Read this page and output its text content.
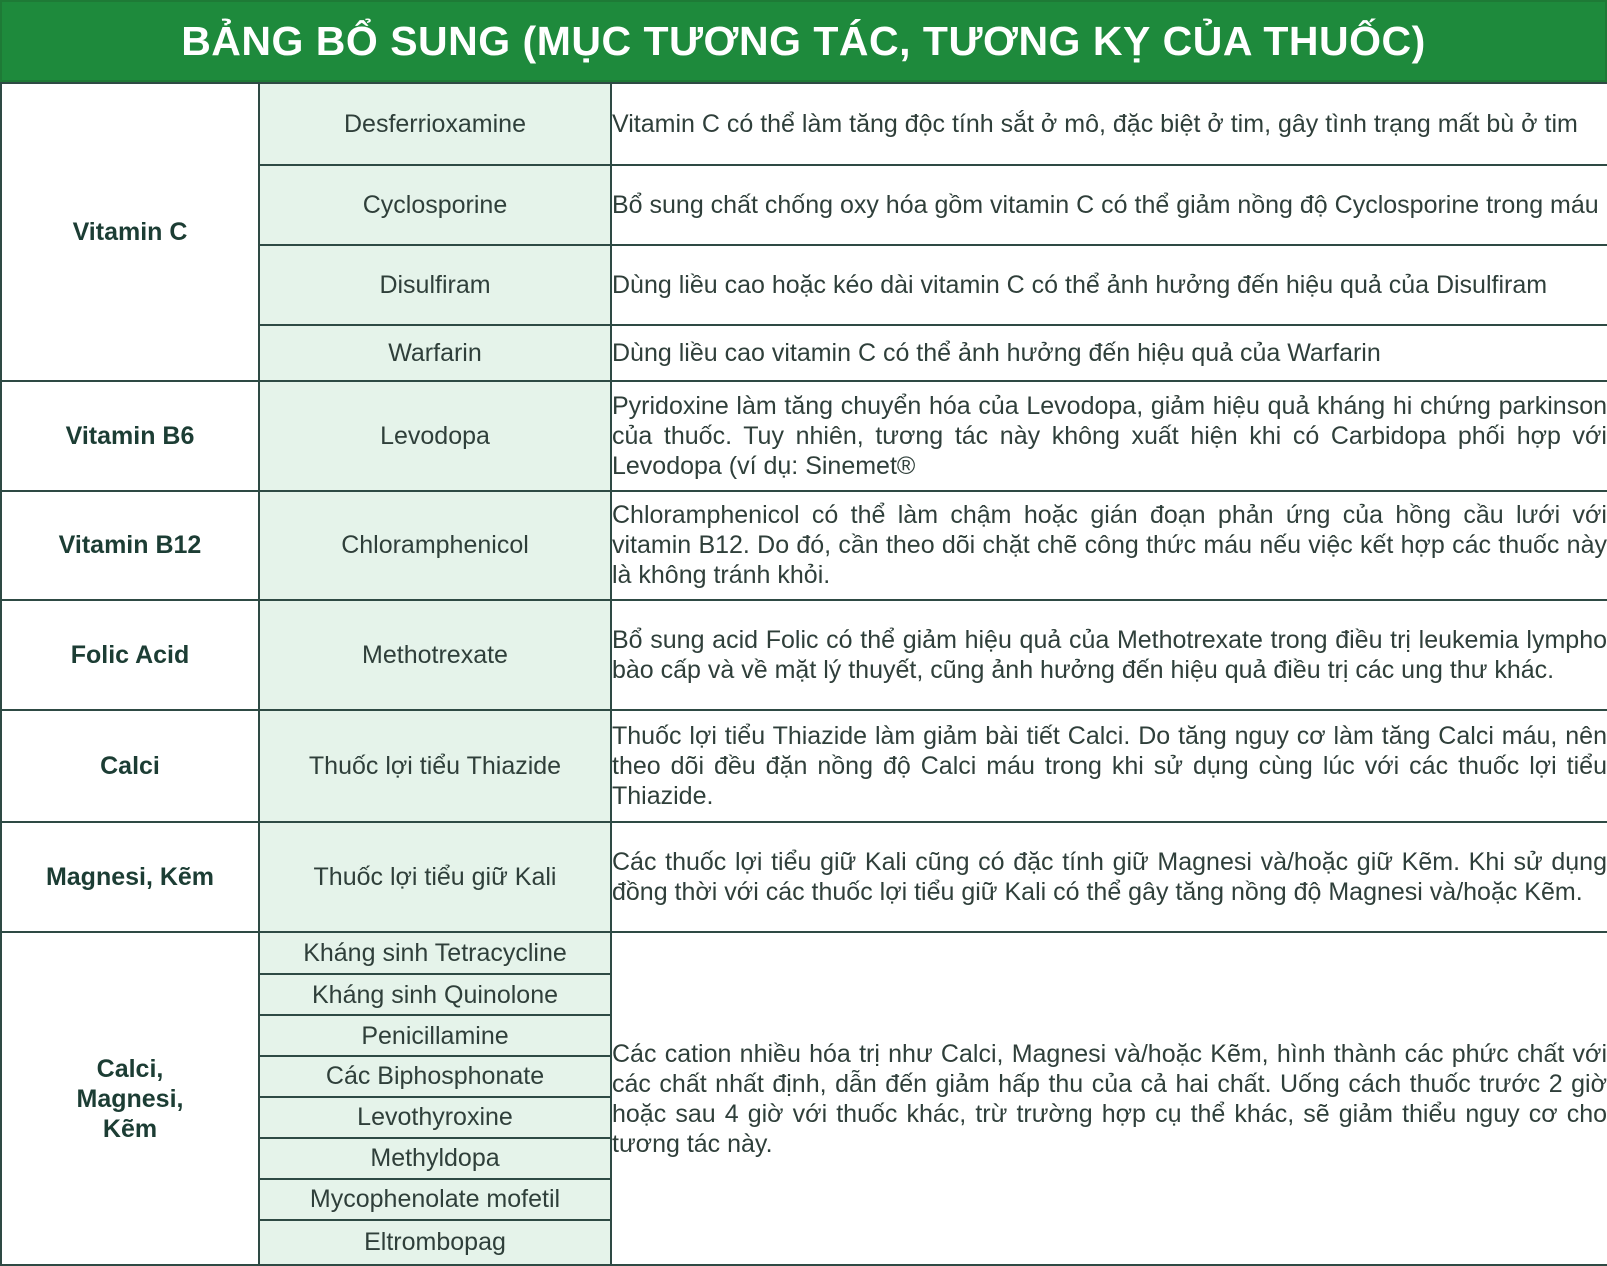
BẢNG BỔ SUNG (MỤC TƯƠNG TÁC, TƯƠNG KỴ CỦA THUỐC)
Vitamin C	Desferrioxamine	Vitamin C có thể làm tăng độc tính sắt ở mô, đặc biệt ở tim, gây tình trạng mất bù ở tim

	Cyclosporine	Bổ sung chất chống oxy hóa gồm vitamin C có thể giảm nồng độ Cyclosporine trong máu

	Disulfiram	Dùng liều cao hoặc kéo dài vitamin C có thể ảnh hưởng đến hiệu quả của Disulfiram

	Warfarin	Dùng liều cao vitamin C có thể ảnh hưởng đến hiệu quả của Warfarin

Vitamin B6	Levodopa	Pyridoxine làm tăng chuyển hóa của Levodopa, giảm hiệu quả kháng hi chứng parkinson của thuốc. Tuy nhiên, tương tác này không xuất hiện khi có Carbidopa phối hợp với Levodopa (ví dụ: Sinemet®

Vitamin B12	Chloramphenicol	Chloramphenicol có thể làm chậm hoặc gián đoạn phản ứng của hồng cầu lưới với vitamin B12. Do đó, cần theo dõi chặt chẽ công thức máu nếu việc kết hợp các thuốc này là không tránh khỏi.

Folic Acid	Methotrexate	Bổ sung acid Folic có thể giảm hiệu quả của Methotrexate trong điều trị leukemia lympho bào cấp và về mặt lý thuyết, cũng ảnh hưởng đến hiệu quả điều trị các ung thư khác.

Calci	Thuốc lợi tiểu Thiazide	Thuốc lợi tiểu Thiazide làm giảm bài tiết Calci. Do tăng nguy cơ làm tăng Calci máu, nên theo dõi đều đặn nồng độ Calci máu trong khi sử dụng cùng lúc với các thuốc lợi tiểu Thiazide.

Magnesi, Kẽm	Thuốc lợi tiểu giữ Kali	Các thuốc lợi tiểu giữ Kali cũng có đặc tính giữ Magnesi và/hoặc giữ Kẽm. Khi sử dụng đồng thời với các thuốc lợi tiểu giữ Kali có thể gây tăng nồng độ Magnesi và/hoặc Kẽm.

Calci, Magnesi, Kẽm	Kháng sinh Tetracycline	Các cation nhiều hóa trị như Calci, Magnesi và/hoặc Kẽm, hình thành các phức chất với các chất nhất định, dẫn đến giảm hấp thu của cả hai chất. Uống cách thuốc trước 2 giờ hoặc sau 4 giờ với thuốc khác, trừ trường hợp cụ thể khác, sẽ giảm thiểu nguy cơ cho tương tác này.

	Kháng sinh Quinolone	

	Penicillamine	

	Các Biphosphonate	

	Levothyroxine	

	Methyldopa	

	Mycophenolate mofetil	

	Eltrombopag	
